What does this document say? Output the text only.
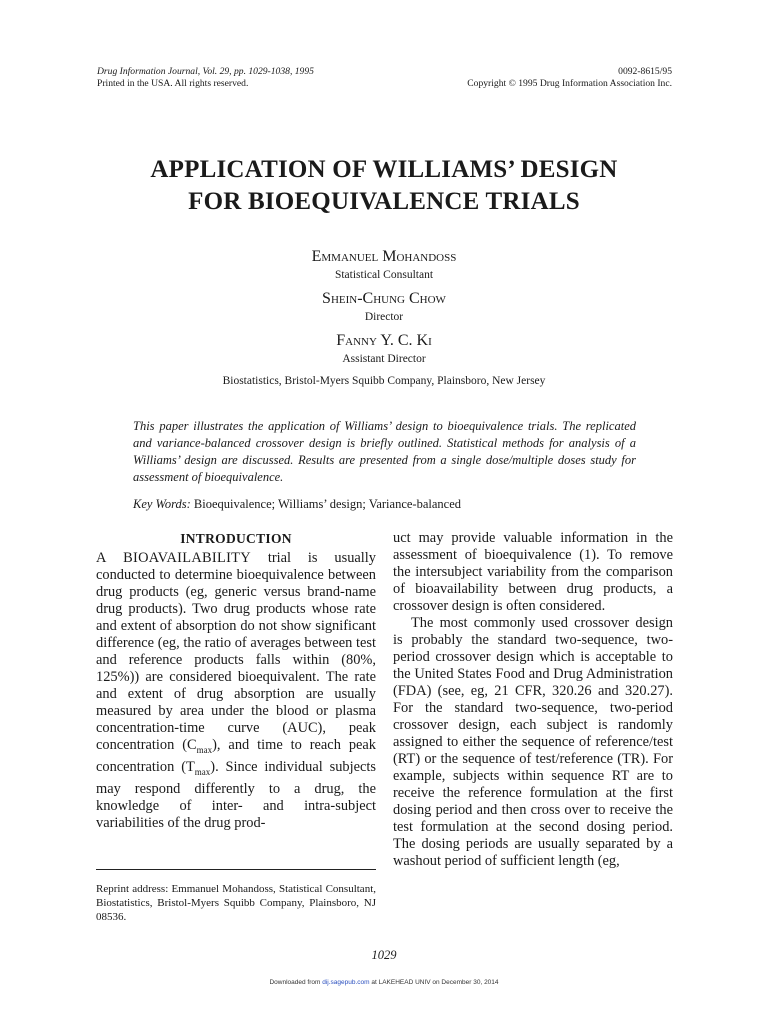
Drug Information Journal, Vol. 29, pp. 1029-1038, 1995
Printed in the USA. All rights reserved.
0092-8615/95
Copyright © 1995 Drug Information Association Inc.
APPLICATION OF WILLIAMS’ DESIGN
FOR BIOEQUIVALENCE TRIALS
Emmanuel Mohandoss
Statistical Consultant
Shein-Chung Chow
Director
Fanny Y. C. Ki
Assistant Director
Biostatistics, Bristol-Myers Squibb Company, Plainsboro, New Jersey
This paper illustrates the application of Williams’ design to bioequivalence trials. The replicated and variance-balanced crossover design is briefly outlined. Statistical methods for analysis of a Williams’ design are discussed. Results are presented from a single dose/multiple doses study for assessment of bioequivalence.
Key Words: Bioequivalence; Williams’ design; Variance-balanced
INTRODUCTION

A BIOAVAILABILITY trial is usually conducted to determine bioequivalence between drug products (eg, generic versus brand-name drug products). Two drug products whose rate and extent of absorption do not show significant difference (eg, the ratio of averages between test and reference products falls within (80%, 125%)) are considered bioequivalent. The rate and extent of drug absorption are usually measured by area under the blood or plasma concentration-time curve (AUC), peak concentration $(C_{max})$, and time to reach peak concentration $(T_{max})$. Since individual subjects may respond differently to a drug, the knowledge of inter- and intra-subject variabilities of the drug prod-

uct may provide valuable information in the assessment of bioequivalence (1). To remove the intersubject variability from the comparison of bioavailability between drug products, a crossover design is often considered.

The most commonly used crossover design is probably the standard two-sequence, two-period crossover design which is acceptable to the United States Food and Drug Administration (FDA) (see, eg, 21 CFR, 320.26 and 320.27). For the standard two-sequence, two-period crossover design, each subject is randomly assigned to either the sequence of reference/test (RT) or the sequence of test/reference (TR). For example, subjects within sequence RT are to receive the reference formulation at the first dosing period and then cross over to receive the test formulation at the second dosing period. The dosing periods are usually separated by a washout period of sufficient length (eg,

Reprint address: Emmanuel Mohandoss, Statistical Consultant, Biostatistics, Bristol-Myers Squibb Company, Plainsboro, NJ 08536.
1029
Downloaded from dij.sagepub.com at LAKEHEAD UNIV on December 30, 2014
